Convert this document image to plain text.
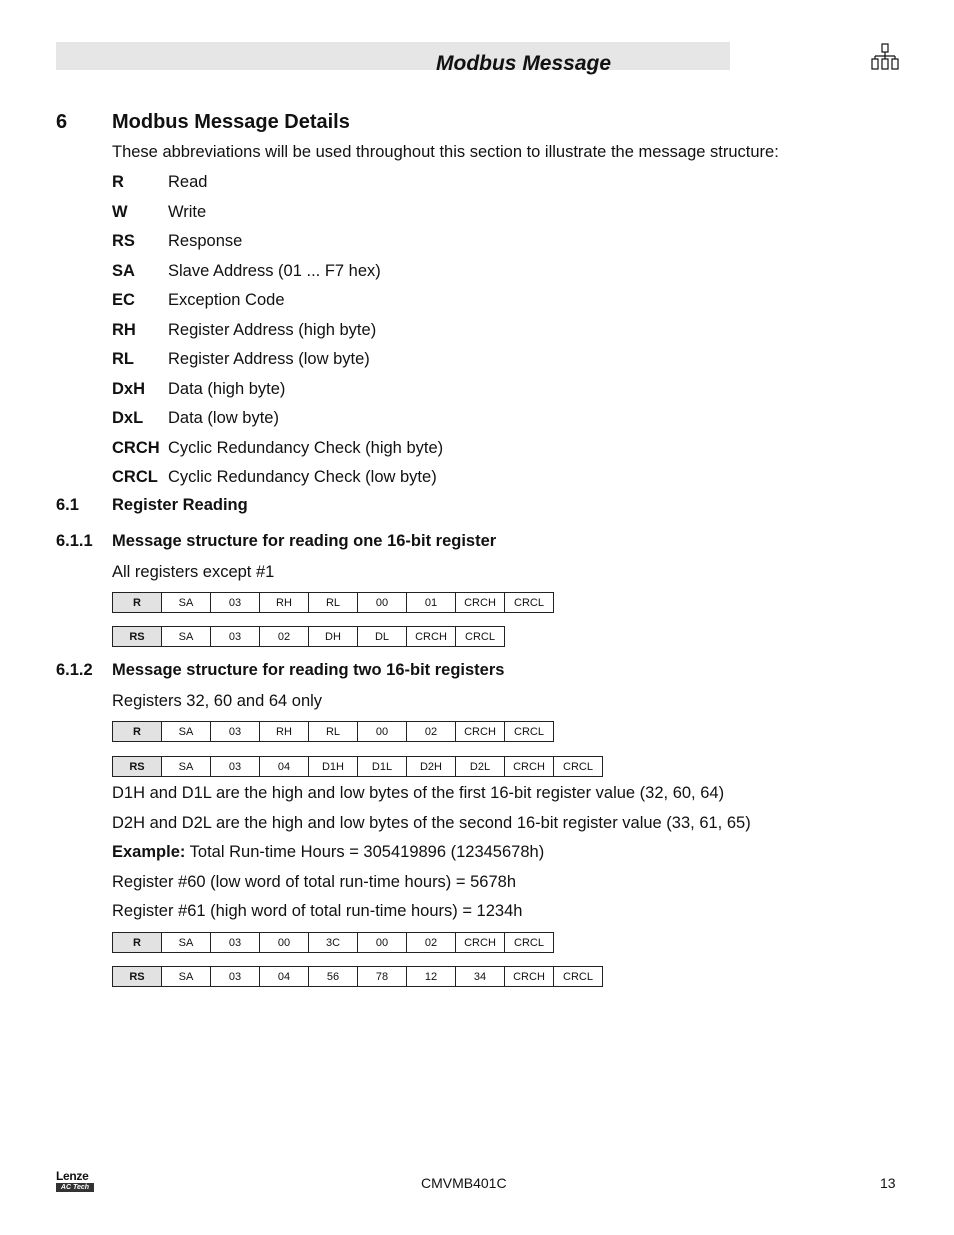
Modbus Message
6 Modbus Message Details
These abbreviations will be used throughout this section to illustrate the message structure:
R	Read
W Write
RS Response
SA Slave Address (01 ... F7 hex)
EC Exception Code
RH Register Address (high byte)
RL Register Address (low byte)
DxH Data (high byte)
DxL Data (low byte)
CRCH Cyclic Redundancy Check (high byte)
CRCL Cyclic Redundancy Check (low byte)
6.1 Register Reading
6.1.1 Message structure for reading one 16-bit register
All registers except #1
R	SA	03	RH	RL	00	01	CRCH	CRCL
RS	SA	03	02	DH	DL	CRCH	CRCL
6.1.2 Message structure for reading two 16-bit registers
Registers 32, 60 and 64 only
R	SA	03	RH	RL	00	02	CRCH	CRCL
RS	SA	03	04	D1H	D1L	D2H	D2L	CRCH	CRCL
D1H and D1L are the high and low bytes of the first 16-bit register value (32, 60, 64)
D2H and D2L are the high and low bytes of the second 16-bit register value (33, 61, 65)
Example: Total Run-time Hours = 305419896 (12345678h)
Register #60 (low word of total run-time hours) = 5678h
Register #61 (high word of total run-time hours) = 1234h
R	SA	03	00	3C	00	02	CRCH	CRCL
RS	SA	03	04	56	78	12	34	CRCH	CRCL
Lenze
AC Tech	CMVMB401C	13
